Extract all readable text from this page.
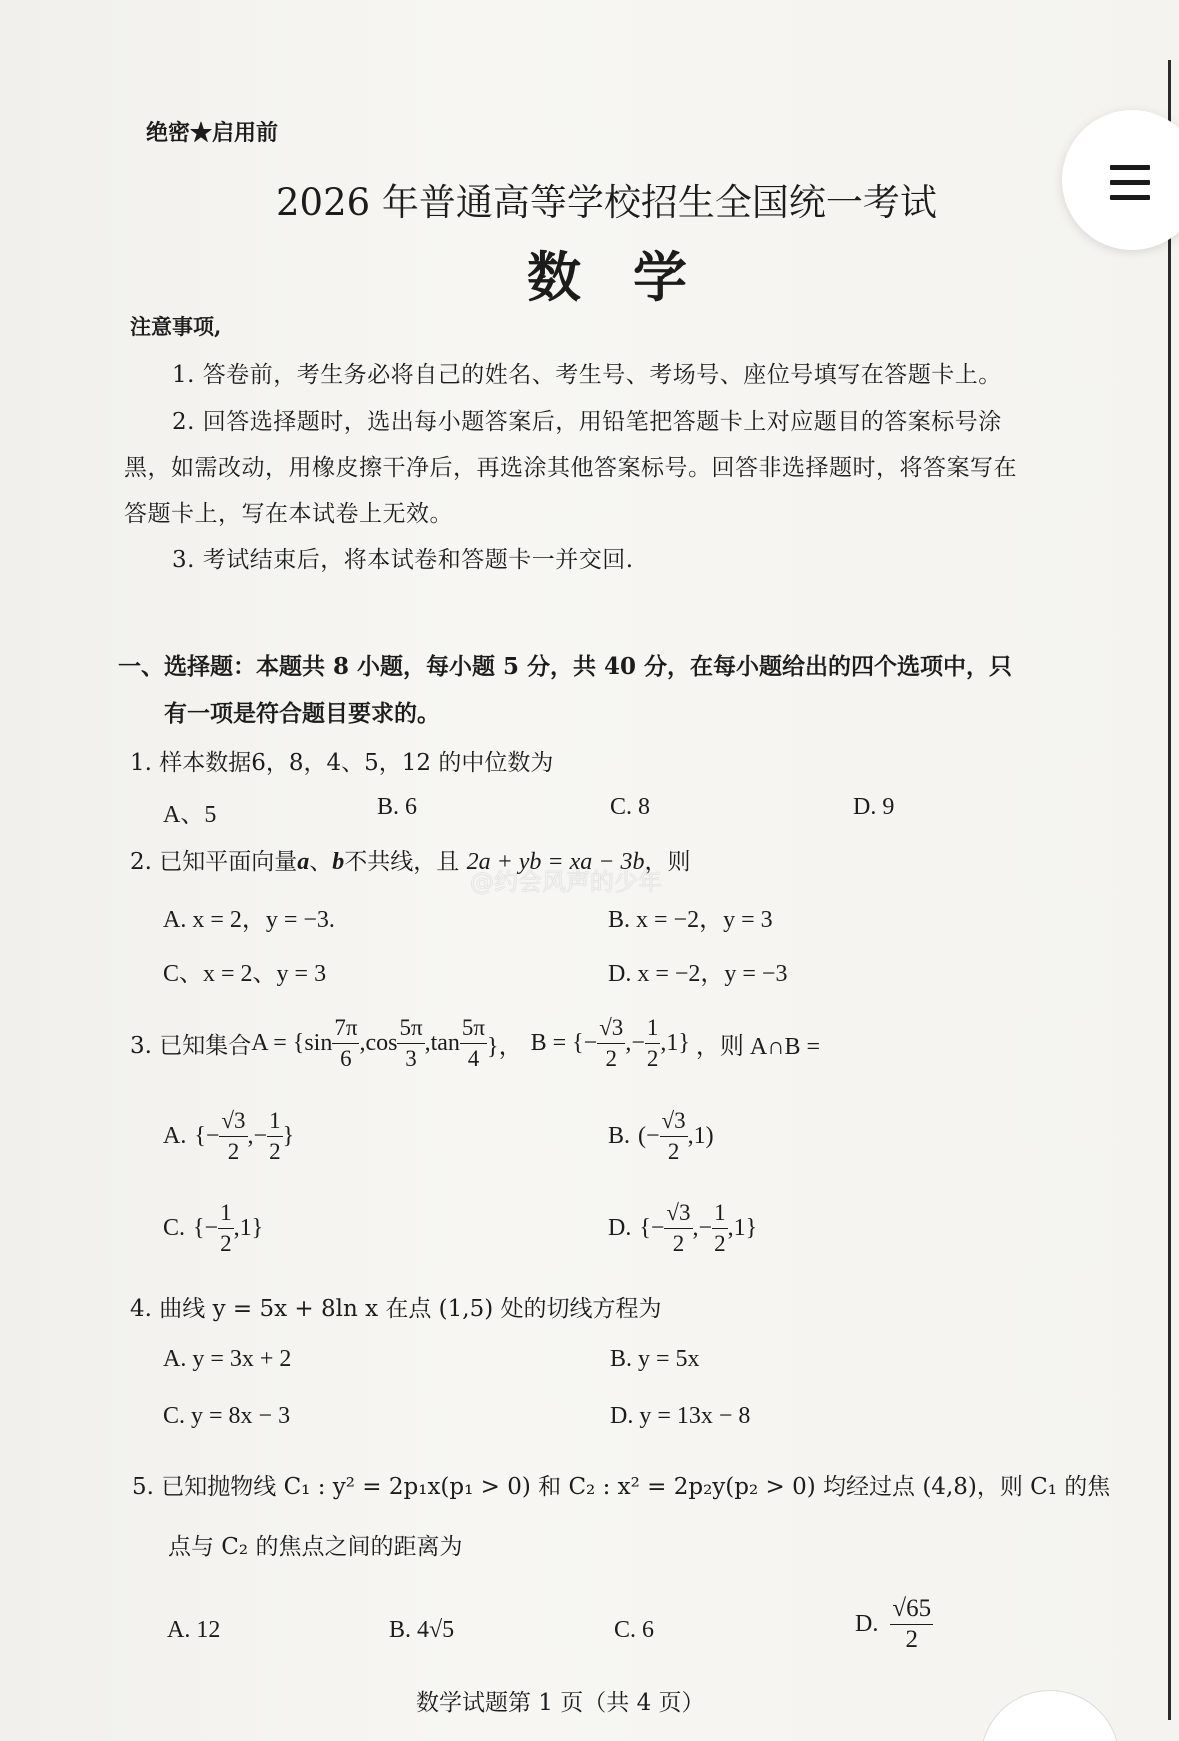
绝密★启用前
2026 年普通高等学校招生全国统一考试
数学
注意事项,
1. 答卷前，考生务必将自己的姓名、考生号、考场号、座位号填写在答题卡上。
2. 回答选择题时，选出每小题答案后，用铅笔把答题卡上对应题目的答案标号涂
黑，如需改动，用橡皮擦干净后，再选涂其他答案标号。回答非选择题时，将答案写在
答题卡上，写在本试卷上无效。
3. 考试结束后，将本试卷和答题卡一并交回.
一、选择题：本题共 8 小题，每小题 5 分，共 40 分，在每小题给出的四个选项中，只
有一项是符合题目要求的。
1. 样本数据6，8，4、5，12 的中位数为
A、5	B. 6	C. 8	D. 9
2. 已知平面向量a、b不共线，且 2a + yb = xa − 3b，则
A. x = 2，y = −3.	B. x = −2，y = 3
C、x = 2、y = 3	D. x = −2，y = −3
@约会风声的少年
3. 已知集合 $A = \{\sin \frac{7\pi}{6} ,\cos \frac{5\pi}{3} ,\tan \frac{5\pi}{4}$ }， B = {− $\frac{√3}{2}$ ,− $\frac{1}{2} ,1$} ，则 A∩B =
A. {− $\frac{√3}{2}$ ,− $\frac{1}{2}$ }	B. (− $\frac{√3}{2} ,1$)
C. {− $\frac{1}{2} ,1$}	D. {− $\frac{√3}{2}$ ,− $\frac{1}{2} ,1$}
4. 曲线 y = 5x + 8ln x 在点 (1,5) 处的切线方程为
A. y = 3x + 2	B. y = 5x
C. y = 8x − 3	D. y = 13x − 8
5. 已知抛物线 C₁ : y² = 2p₁x(p₁ > 0) 和 C₂ : x² = 2p₂y(p₂ > 0) 均经过点 (4,8)，则 C₁ 的焦
点与 C₂ 的焦点之间的距离为
A. 12	B. 4√5	C. 6	D. $\frac{√65}{2}$
数学试题第 1 页（共 4 页）
